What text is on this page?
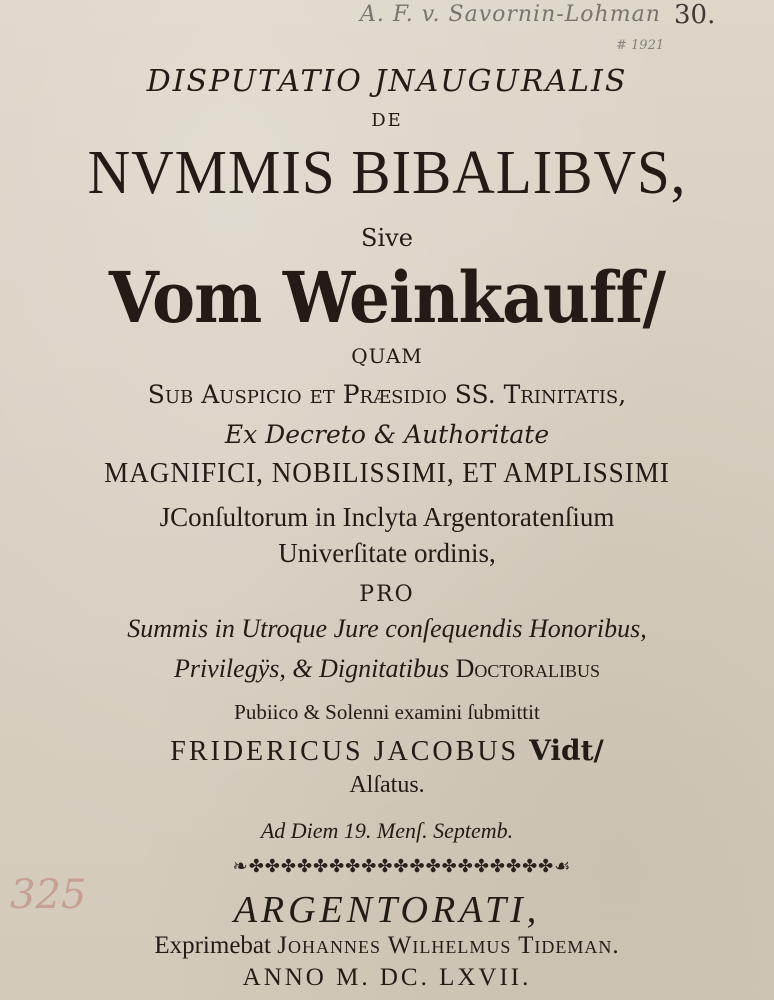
A. F. v. Savornin-Lohman 30.
# 1921
325
DISPUTATIO JNAUGURALIS
DE
NVMMIS BIBALIBVS,
Sive
Vom Weinkauff/
QUAM
Sub Auspicio et Præsidio SS. Trinitatis,
Ex Decreto & Authoritate
MAGNIFICI, NOBILISSIMI, ET AMPLISSIMI
JConſultorum in Inclyta Argentoratenſium
Univerſitate ordinis,
PRO
Summis in Utroque Jure conſequendis Honoribus,
Privilegÿs, & Dignitatibus Doctoralibus
Pubiico & Solenni examini ſubmittit
FRIDERICUS JACOBUS Vidt/
Alſatus.
Ad Diem 19. Menſ. Septemb.
❧✤✤✤✤✤✤✤✤✤✤✤✤✤✤✤✤✤✤✤☙
ARGENTORATI,
Exprimebat Johannes Wilhelmus Tideman.
ANNO M. DC. LXVII.
